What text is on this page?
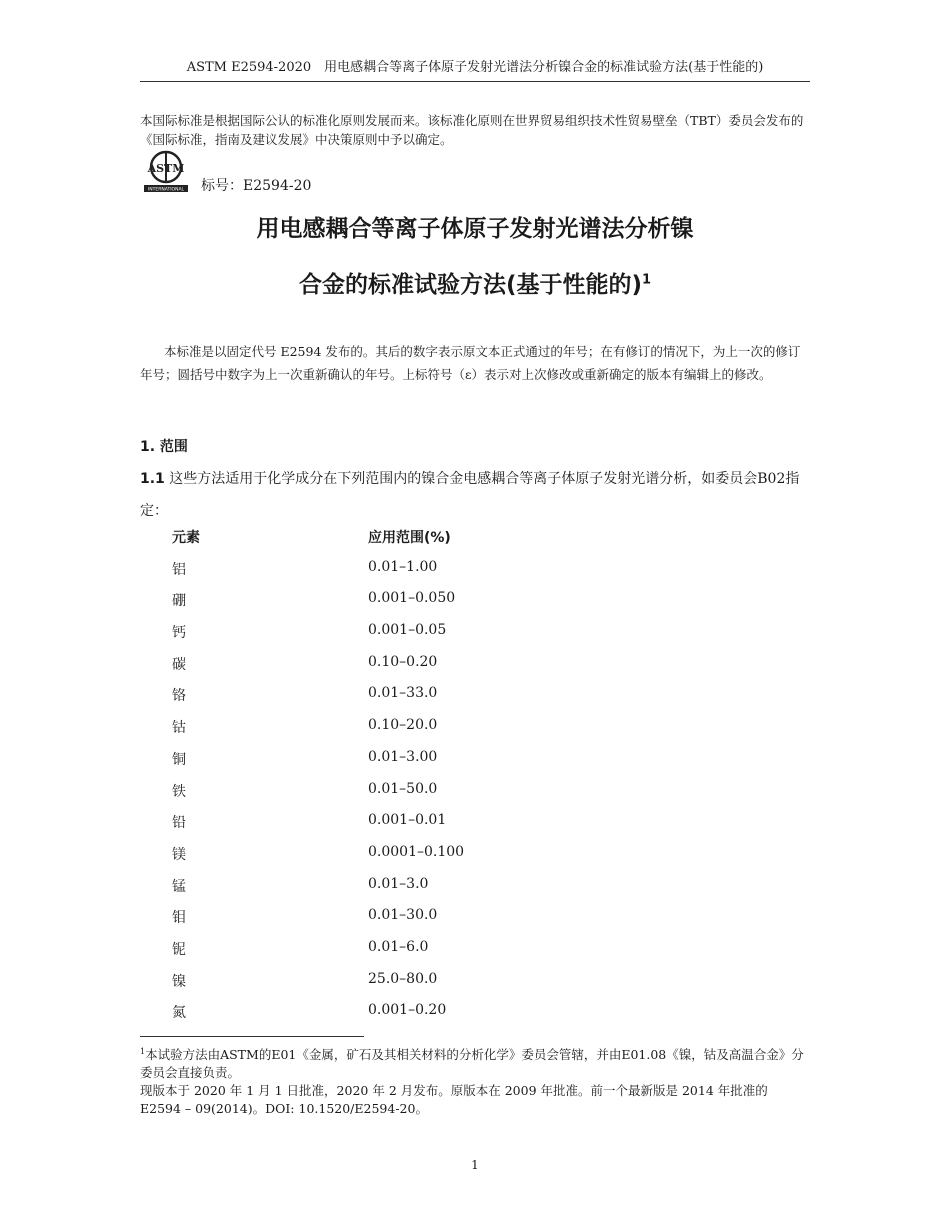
ASTM E2594-2020　用电感耦合等离子体原子发射光谱法分析镍合金的标准试验方法(基于性能的)
本国际标准是根据国际公认的标准化原则发展而来。该标准化原则在世界贸易组织技术性贸易壁垒（TBT）委员会发布的《国际标准，指南及建议发展》中决策原则中予以确定。
ASTM
INTERNATIONAL 标号：E2594-20
用电感耦合等离子体原子发射光谱法分析镍
合金的标准试验方法(基于性能的)$^1$
本标准是以固定代号 E2594 发布的。其后的数字表示原文本正式通过的年号；在有修订的情况下，为上一次的修订年号；圆括号中数字为上一次重新确认的年号。上标符号（ε）表示对上次修改或重新确定的版本有编辑上的修改。
1. 范围
1.1 这些方法适用于化学成分在下列范围内的镍合金电感耦合等离子体原子发射光谱分析，如委员会B02指定：
元素	应用范围(%)
铝	0.01–1.00
硼	0.001–0.050
钙	0.001–0.05
碳	0.10–0.20
铬	0.01–33.0
钴	0.10–20.0
铜	0.01–3.00
铁	0.01–50.0
铅	0.001–0.01
镁	0.0001–0.100
锰	0.01–3.0
钼	0.01–30.0
铌	0.01–6.0
镍	25.0–80.0
氮	0.001–0.20
$^1$本试验方法由ASTM的E01《金属，矿石及其相关材料的分析化学》委员会管辖，并由E01.08《镍，钴及高温合金》分委员会直接负责。
现版本于 2020 年 1 月 1 日批准，2020 年 2 月发布。原版本在 2009 年批准。前一个最新版是 2014 年批准的 E2594 – 09(2014)。DOI: 10.1520/E2594-20。
1
